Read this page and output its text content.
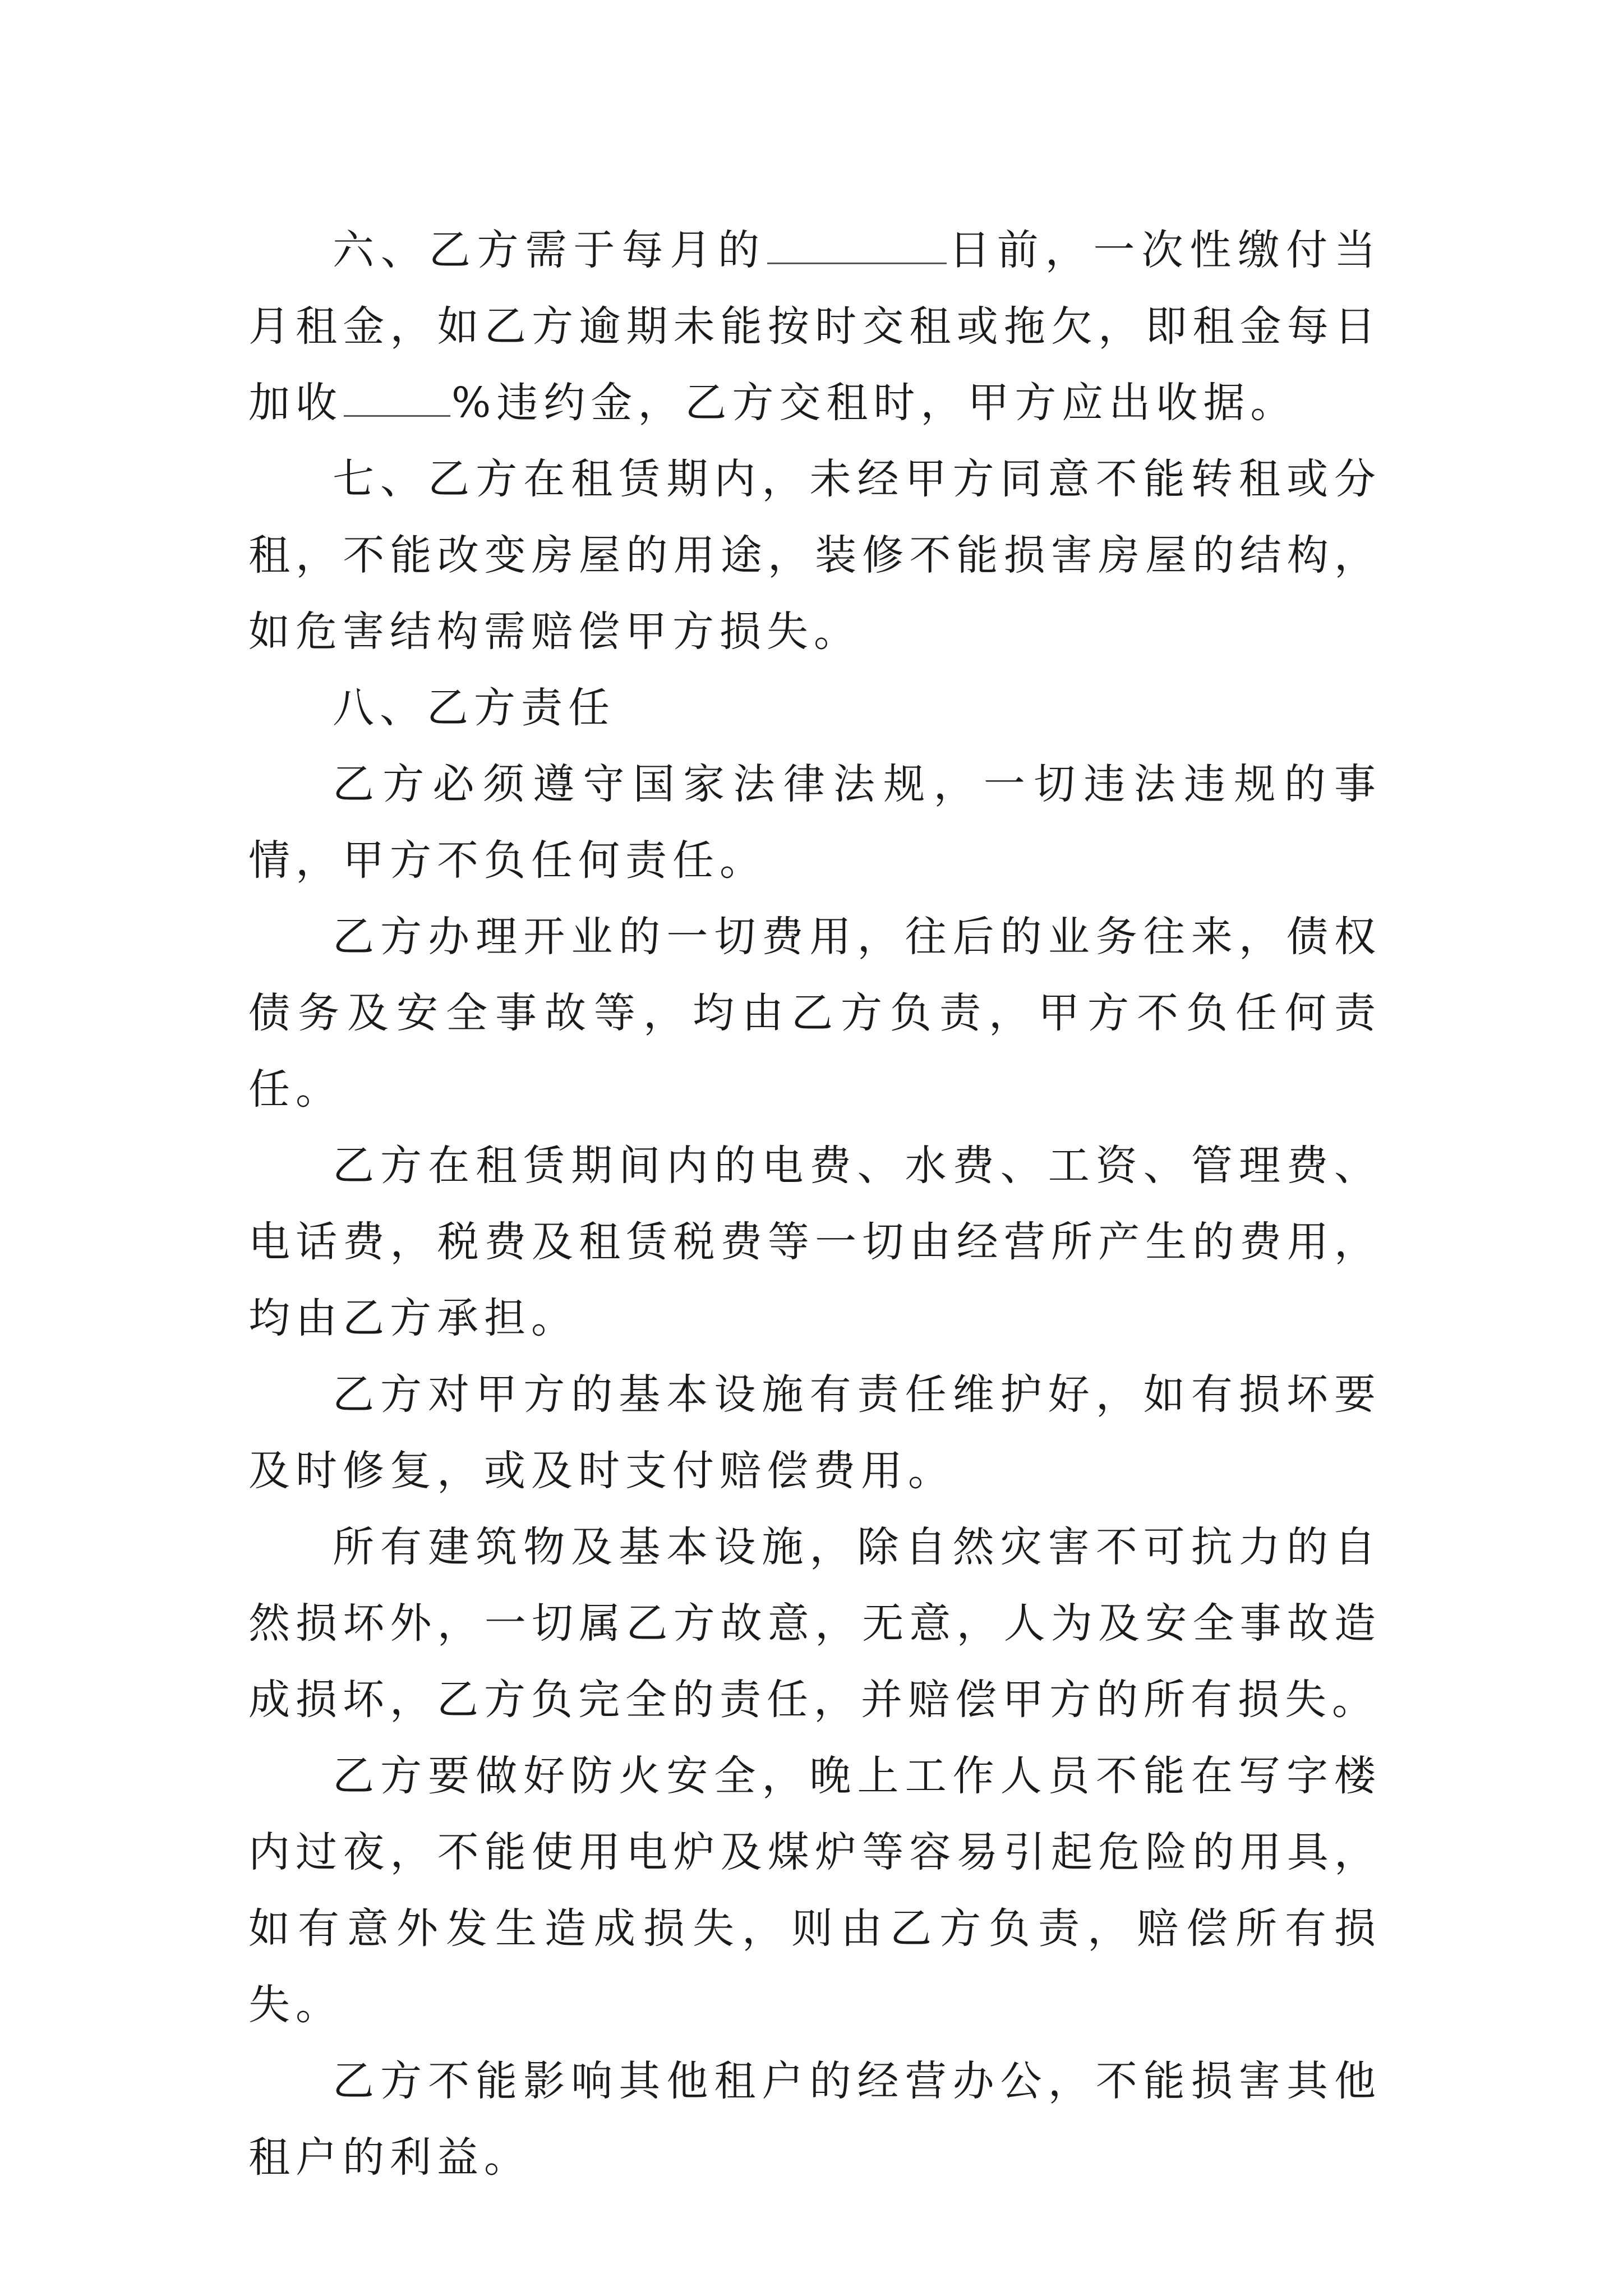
六、乙方需于每月的	日前，一次性缴付当月租金，如乙方逾期未能按时交租或拖欠，即租金每日加收	%违约金，乙方交租时，甲方应出收据。

七、乙方在租赁期内，未经甲方同意不能转租或分租，不能改变房屋的用途，装修不能损害房屋的结构，如危害结构需赔偿甲方损失。

八、乙方责任

乙方必须遵守国家法律法规，一切违法违规的事情，甲方不负任何责任。

乙方办理开业的一切费用，往后的业务往来，债权债务及安全事故等，均由乙方负责，甲方不负任何责任。

乙方在租赁期间内的电费、水费、工资、管理费、电话费，税费及租赁税费等一切由经营所产生的费用，均由乙方承担。

乙方对甲方的基本设施有责任维护好，如有损坏要及时修复，或及时支付赔偿费用。

所有建筑物及基本设施，除自然灾害不可抗力的自然损坏外，一切属乙方故意，无意，人为及安全事故造成损坏，乙方负完全的责任，并赔偿甲方的所有损失。

乙方要做好防火安全，晚上工作人员不能在写字楼内过夜，不能使用电炉及煤炉等容易引起危险的用具，如有意外发生造成损失，则由乙方负责，赔偿所有损失。

乙方不能影响其他租户的经营办公，不能损害其他租户的利益。
